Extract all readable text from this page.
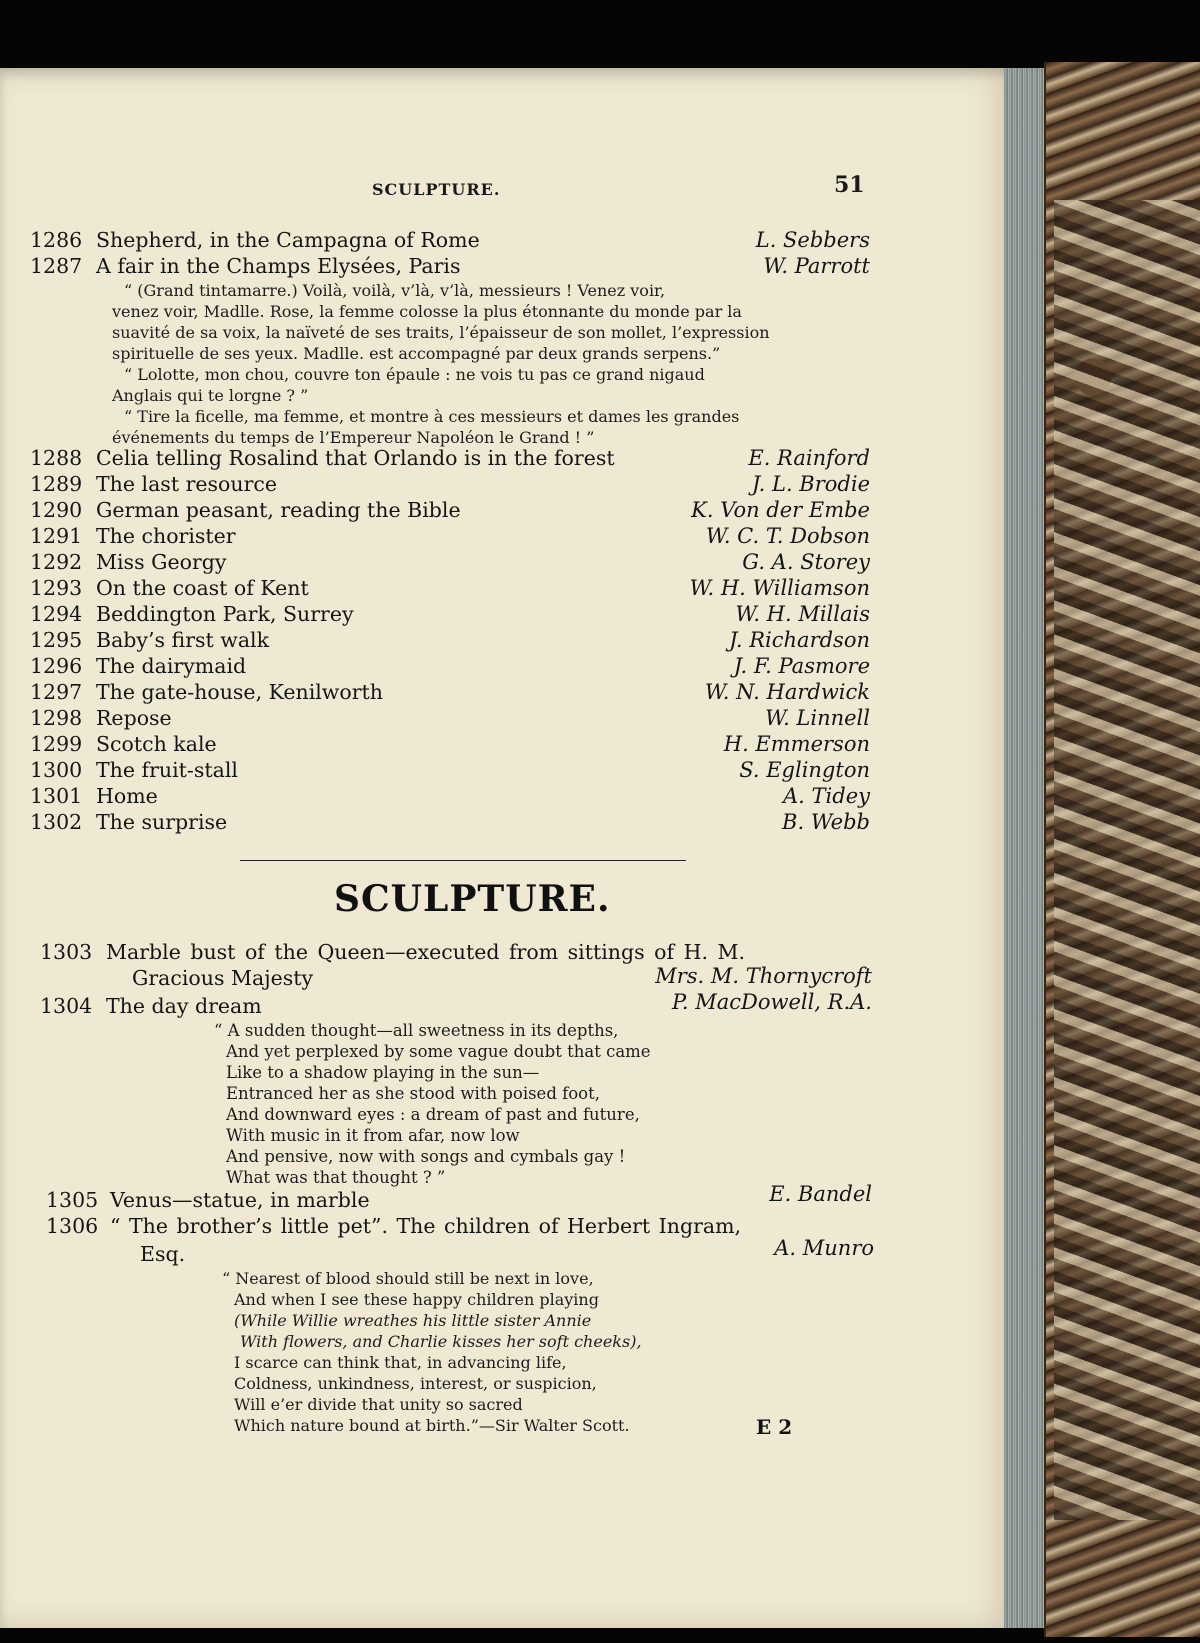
SCULPTURE.	51
1286 Shepherd, in the Campagna of Rome	L. Sebbers
1287 A fair in the Champs Elysées, Paris	W. Parrott
“ (Grand tintamarre.) Voilà, voilà, v’là, v’là, messieurs ! Venez voir,
venez voir, Madlle. Rose, la femme colosse la plus étonnante du monde par la
suavité de sa voix, la naïveté de ses traits, l’épaisseur de son mollet, l’expression
spirituelle de ses yeux. Madlle. est accompagné par deux grands serpens.”
“ Lolotte, mon chou, couvre ton épaule : ne vois tu pas ce grand nigaud
Anglais qui te lorgne ? ”
“ Tire la ficelle, ma femme, et montre à ces messieurs et dames les grandes
événements du temps de l’Empereur Napoléon le Grand ! ”
1288 Celia telling Rosalind that Orlando is in the forest	E. Rainford
1289 The last resource	J. L. Brodie
1290 German peasant, reading the Bible	K. Von der Embe
1291 The chorister	W. C. T. Dobson
1292 Miss Georgy	G. A. Storey
1293 On the coast of Kent	W. H. Williamson
1294 Beddington Park, Surrey	W. H. Millais
1295 Baby’s first walk	J. Richardson
1296 The dairymaid	J. F. Pasmore
1297 The gate-house, Kenilworth	W. N. Hardwick
1298 Repose	W. Linnell
1299 Scotch kale	H. Emmerson
1300 The fruit-stall	S. Eglington
1301 Home	A. Tidey
1302 The surprise	B. Webb
SCULPTURE.
1303 Marble bust of the Queen—executed from sittings of H. M.
Gracious Majesty	Mrs. M. Thornycroft
1304 The day dream	P. MacDowell, R.A.
“ A sudden thought—all sweetness in its depths,
And yet perplexed by some vague doubt that came
Like to a shadow playing in the sun—
Entranced her as she stood with poised foot,
And downward eyes : a dream of past and future,
With music in it from afar, now low
And pensive, now with songs and cymbals gay !
What was that thought ? ”
1305 Venus—statue, in marble	E. Bandel
1306 “ The brother’s little pet”. The children of Herbert Ingram,
Esq.	A. Munro
“ Nearest of blood should still be next in love,
And when I see these happy children playing
(While Willie wreathes his little sister Annie
With flowers, and Charlie kisses her soft cheeks),
I scarce can think that, in advancing life,
Coldness, unkindness, interest, or suspicion,
Will e’er divide that unity so sacred
Which nature bound at birth.”—Sir Walter Scott.	E 2
